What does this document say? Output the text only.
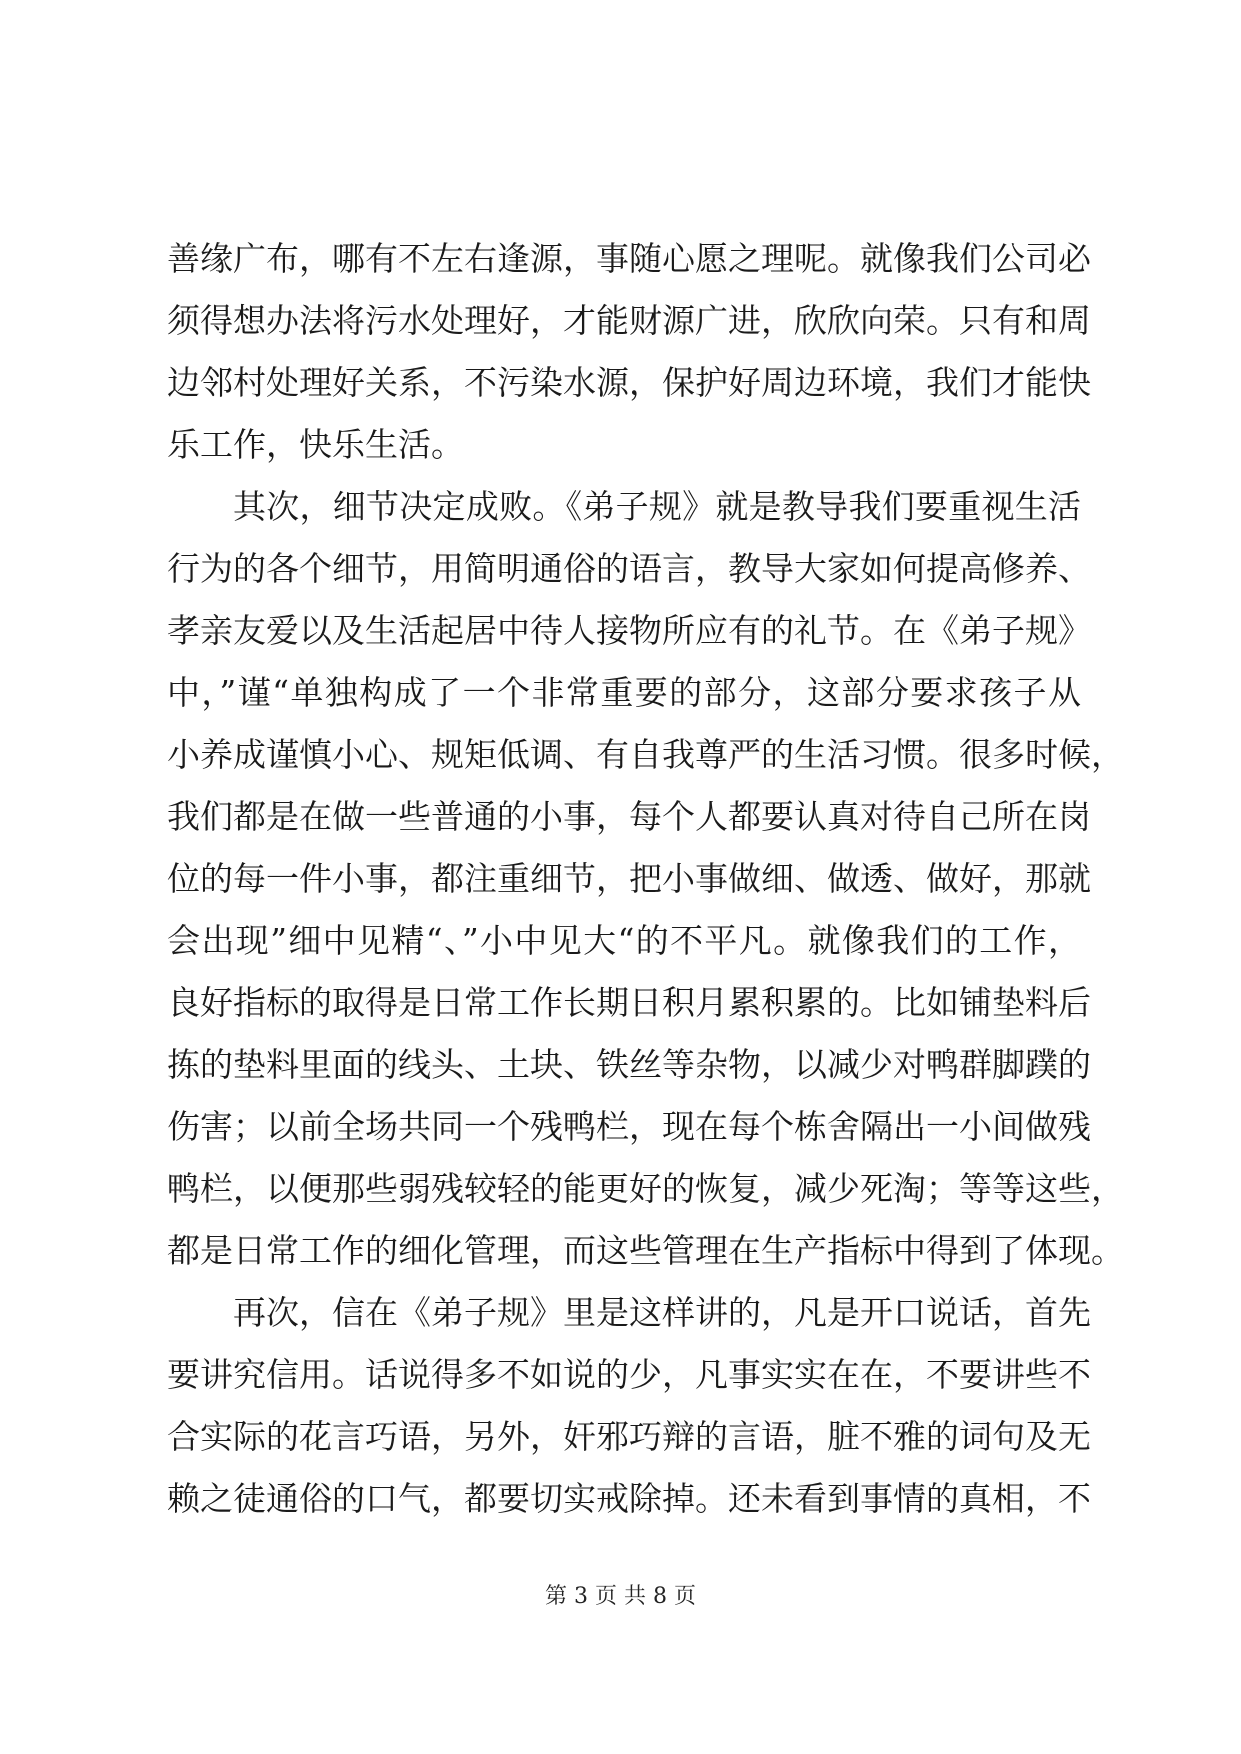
善缘广布，哪有不左右逢源，事随心愿之理呢。就像我们公司必
须得想办法将污水处理好，才能财源广进，欣欣向荣。只有和周
边邻村处理好关系，不污染水源，保护好周边环境，我们才能快
乐工作，快乐生活。
其次，细节决定成败。《弟子规》就是教导我们要重视生活
行为的各个细节，用简明通俗的语言，教导大家如何提高修养、
孝亲友爱以及生活起居中待人接物所应有的礼节。在《弟子规》
中，”谨“单独构成了一个非常重要的部分，这部分要求孩子从
小养成谨慎小心、规矩低调、有自我尊严的生活习惯。很多时候，
我们都是在做一些普通的小事，每个人都要认真对待自己所在岗
位的每一件小事，都注重细节，把小事做细、做透、做好，那就
会出现”细中见精“、”小中见大“的不平凡。就像我们的工作，
良好指标的取得是日常工作长期日积月累积累的。比如铺垫料后
拣的垫料里面的线头、土块、铁丝等杂物，以减少对鸭群脚蹼的
伤害；以前全场共同一个残鸭栏，现在每个栋舍隔出一小间做残
鸭栏，以便那些弱残较轻的能更好的恢复，减少死淘；等等这些，
都是日常工作的细化管理，而这些管理在生产指标中得到了体现。
再次，信在《弟子规》里是这样讲的，凡是开口说话，首先
要讲究信用。话说得多不如说的少，凡事实实在在，不要讲些不
合实际的花言巧语，另外，奸邪巧辩的言语，脏不雅的词句及无
赖之徒通俗的口气，都要切实戒除掉。还未看到事情的真相，不
第 3 页 共 8 页
